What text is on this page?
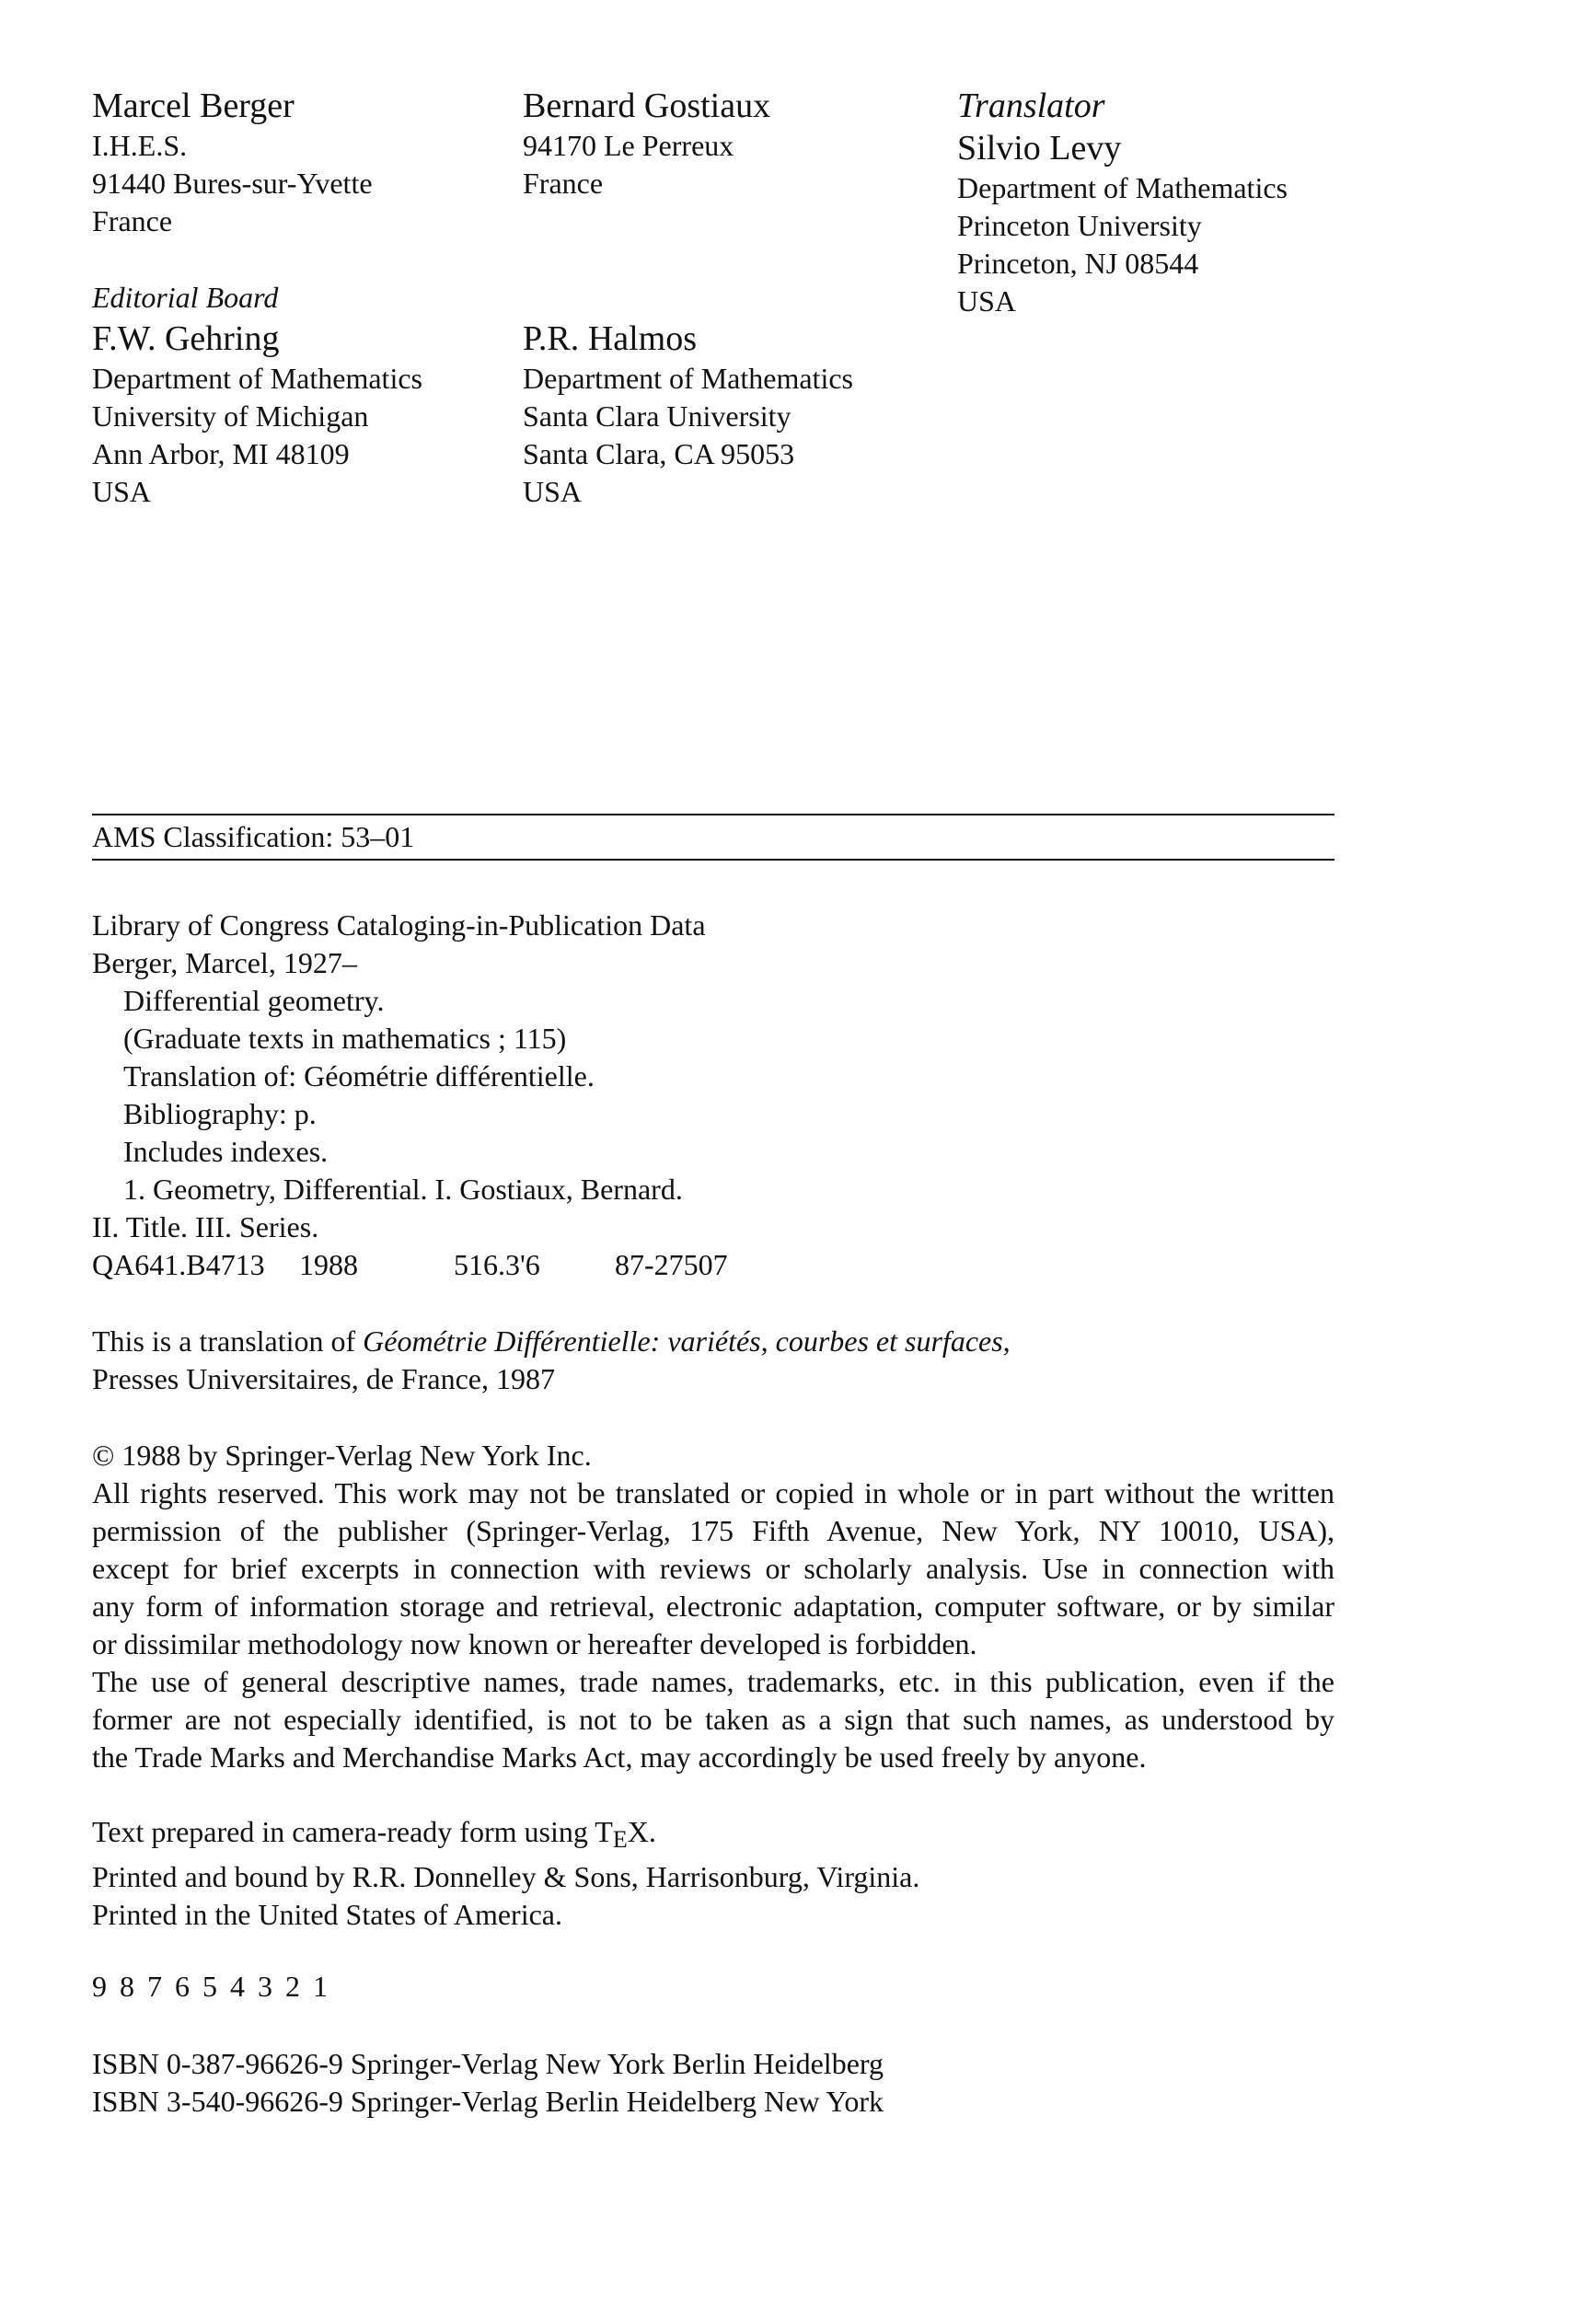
Marcel Berger
I.H.E.S.
91440 Bures-sur-Yvette
France
Bernard Gostiaux
94170 Le Perreux
France
Translator
Silvio Levy
Department of Mathematics
Princeton University
Princeton, NJ 08544
USA
Editorial Board
F.W. Gehring
Department of Mathematics
University of Michigan
Ann Arbor, MI 48109
USA
P.R. Halmos
Department of Mathematics
Santa Clara University
Santa Clara, CA 95053
USA
AMS Classification: 53–01
Library of Congress Cataloging-in-Publication Data
Berger, Marcel, 1927–
Differential geometry.
(Graduate texts in mathematics ; 115)
Translation of: Géométrie différentielle.
Bibliography: p.
Includes indexes.
1. Geometry, Differential. I. Gostiaux, Bernard.
II. Title. III. Series.
QA641.B4713 1988	516.3'6	87-27507
This is a translation of Géométrie Différentielle: variétés, courbes et surfaces,
Presses Universitaires, de France, 1987
© 1988 by Springer-Verlag New York Inc.
All rights reserved. This work may not be translated or copied in whole or in part without the written
permission of the publisher (Springer-Verlag, 175 Fifth Avenue, New York, NY 10010, USA),
except for brief excerpts in connection with reviews or scholarly analysis. Use in connection with
any form of information storage and retrieval, electronic adaptation, computer software, or by similar
or dissimilar methodology now known or hereafter developed is forbidden.
The use of general descriptive names, trade names, trademarks, etc. in this publication, even if the
former are not especially identified, is not to be taken as a sign that such names, as understood by
the Trade Marks and Merchandise Marks Act, may accordingly be used freely by anyone.
Text prepared in camera-ready form using $T_EX$.
Printed and bound by R.R. Donnelley & Sons, Harrisonburg, Virginia.
Printed in the United States of America.
9 8 7 6 5 4 3 2 1
ISBN 0-387-96626-9 Springer-Verlag New York Berlin Heidelberg
ISBN 3-540-96626-9 Springer-Verlag Berlin Heidelberg New York
